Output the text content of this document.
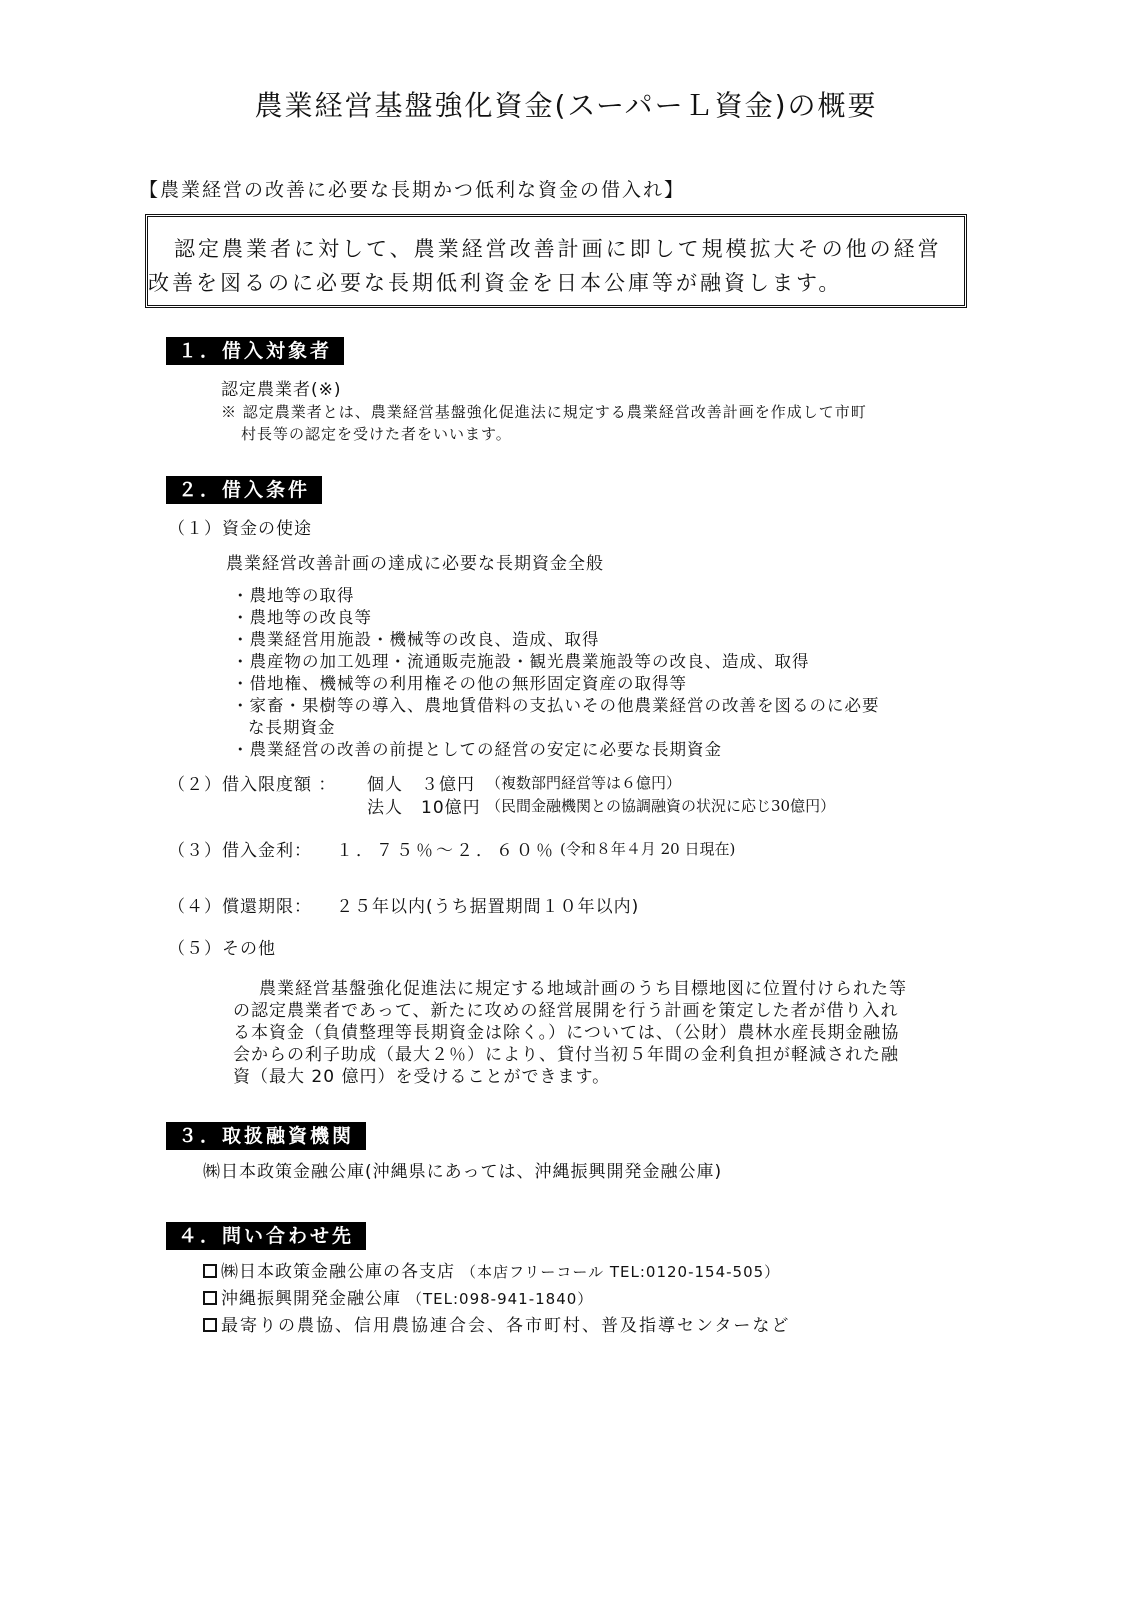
農業経営基盤強化資金(スーパーＬ資金)の概要
【農業経営の改善に必要な長期かつ低利な資金の借入れ】

認定農業者に対して、農業経営改善計画に即して規模拡大その他の経営

改善を図るのに必要な長期低利資金を日本公庫等が融資します。

１．借入対象者
認定農業者(※)
※ 認定農業者とは、農業経営基盤強化促進法に規定する農業経営改善計画を作成して市町
村長等の認定を受けた者をいいます。
２．借入条件
（１）資金の使途
農業経営改善計画の達成に必要な長期資金全般
・農地等の取得
・農地等の改良等
・農業経営用施設・機械等の改良、造成、取得
・農産物の加工処理・流通販売施設・観光農業施設等の改良、造成、取得
・借地権、機械等の利用権その他の無形固定資産の取得等
・家畜・果樹等の導入、農地賃借料の支払いその他農業経営の改善を図るのに必要
な長期資金
・農業経営の改善の前提としての経営の安定に必要な長期資金
（２）借入限度額 ： 個人　３億円 （複数部門経営等は６億円）
法人　10億円 （民間金融機関との協調融資の状況に応じ30億円）
（３）借入金利： １．７５％～２．６０％ (令和８年４月 20 日現在)
（４）償還期限： ２５年以内(うち据置期間１０年以内)
（５）その他
農業経営基盤強化促進法に規定する地域計画のうち目標地図に位置付けられた等
の認定農業者であって、新たに攻めの経営展開を行う計画を策定した者が借り入れ
る本資金（負債整理等長期資金は除く。）については、（公財）農林水産長期金融協
会からの利子助成（最大２％）により、貸付当初５年間の金利負担が軽減された融
資（最大 20 億円）を受けることができます。
３．取扱融資機関
㈱日本政策金融公庫(沖縄県にあっては、沖縄振興開発金融公庫)
４．問い合わせ先
㈱日本政策金融公庫の各支店 （本店フリーコール TEL:0120-154-505）
沖縄振興開発金融公庫 （TEL:098-941-1840）
最寄りの農協、信用農協連合会、各市町村、普及指導センターなど
